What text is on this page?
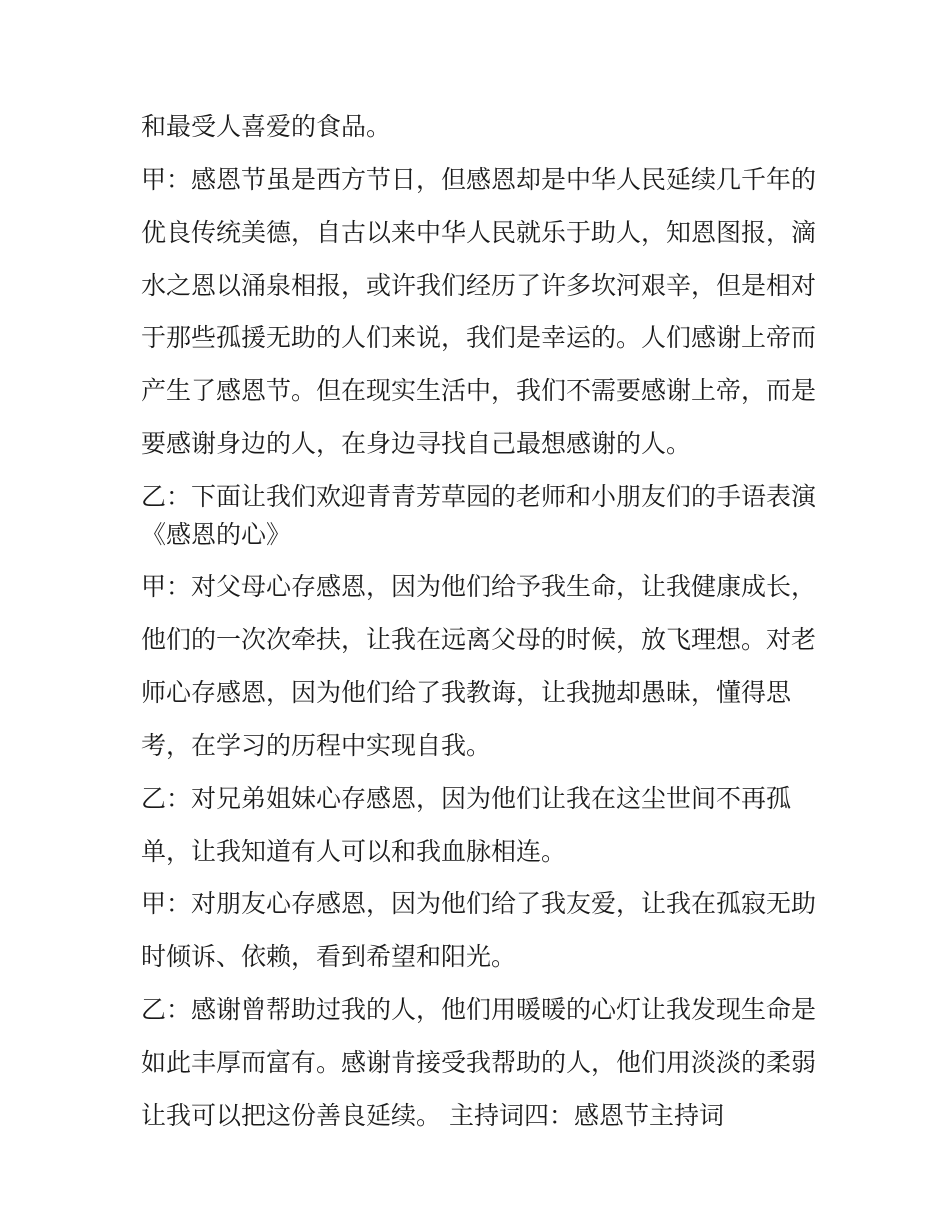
和最受人喜爱的食品。
甲：感恩节虽是西方节日，但感恩却是中华人民延续几千年的
优良传统美德，自古以来中华人民就乐于助人，知恩图报，滴
水之恩以涌泉相报，或许我们经历了许多坎河艰辛，但是相对
于那些孤援无助的人们来说，我们是幸运的。人们感谢上帝而
产生了感恩节。但在现实生活中，我们不需要感谢上帝，而是
要感谢身边的人，在身边寻找自己最想感谢的人。
乙：下面让我们欢迎青青芳草园的老师和小朋友们的手语表演
《感恩的心》
甲：对父母心存感恩，因为他们给予我生命，让我健康成长，
他们的一次次牵扶，让我在远离父母的时候，放飞理想。对老
师心存感恩，因为他们给了我教诲，让我抛却愚昧，懂得思
考，在学习的历程中实现自我。
乙：对兄弟姐妹心存感恩，因为他们让我在这尘世间不再孤
单，让我知道有人可以和我血脉相连。
甲：对朋友心存感恩，因为他们给了我友爱，让我在孤寂无助
时倾诉、依赖，看到希望和阳光。
乙：感谢曾帮助过我的人，他们用暖暖的心灯让我发现生命是
如此丰厚而富有。感谢肯接受我帮助的人，他们用淡淡的柔弱
让我可以把这份善良延续。 主持词四：感恩节主持词
